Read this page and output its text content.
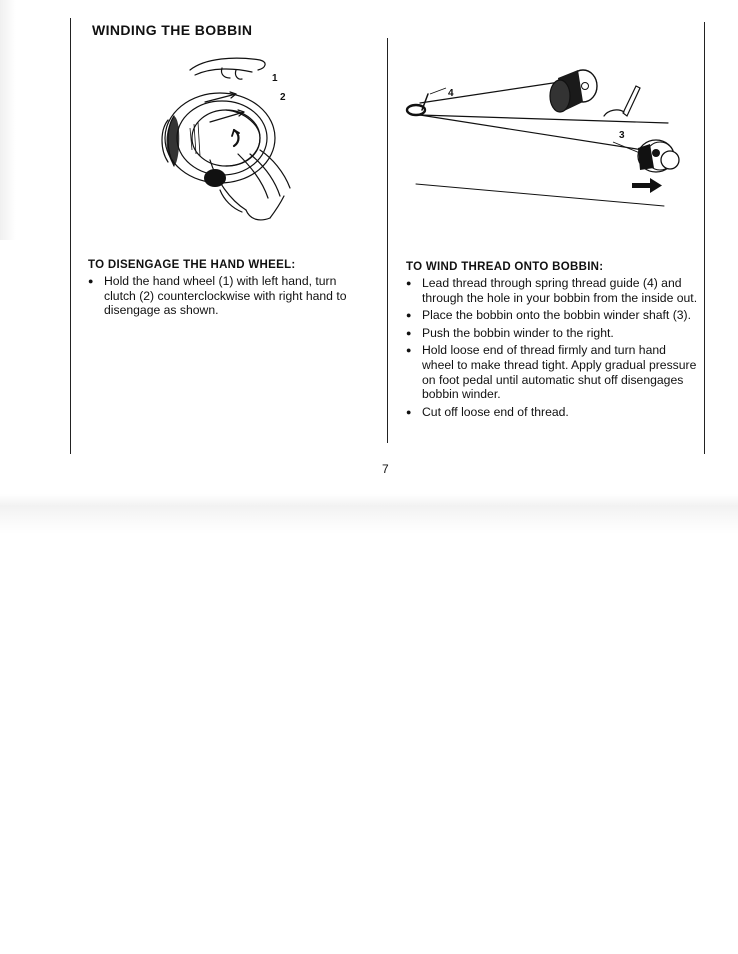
WINDING THE BOBBIN
1
2	4
3
TO DISENGAGE THE HAND WHEEL:
● Hold the hand wheel (1) with left hand, turn clutch (2) counterclockwise with right hand to disengage as shown.
TO WIND THREAD ONTO BOBBIN:
● Lead thread through spring thread guide (4) and through the hole in your bobbin from the inside out.
● Place the bobbin onto the bobbin winder shaft (3).
● Push the bobbin winder to the right.
● Hold loose end of thread firmly and turn hand wheel to make thread tight. Apply gradual pressure on foot pedal until automatic shut off disengages bobbin winder.
● Cut off loose end of thread.
7
